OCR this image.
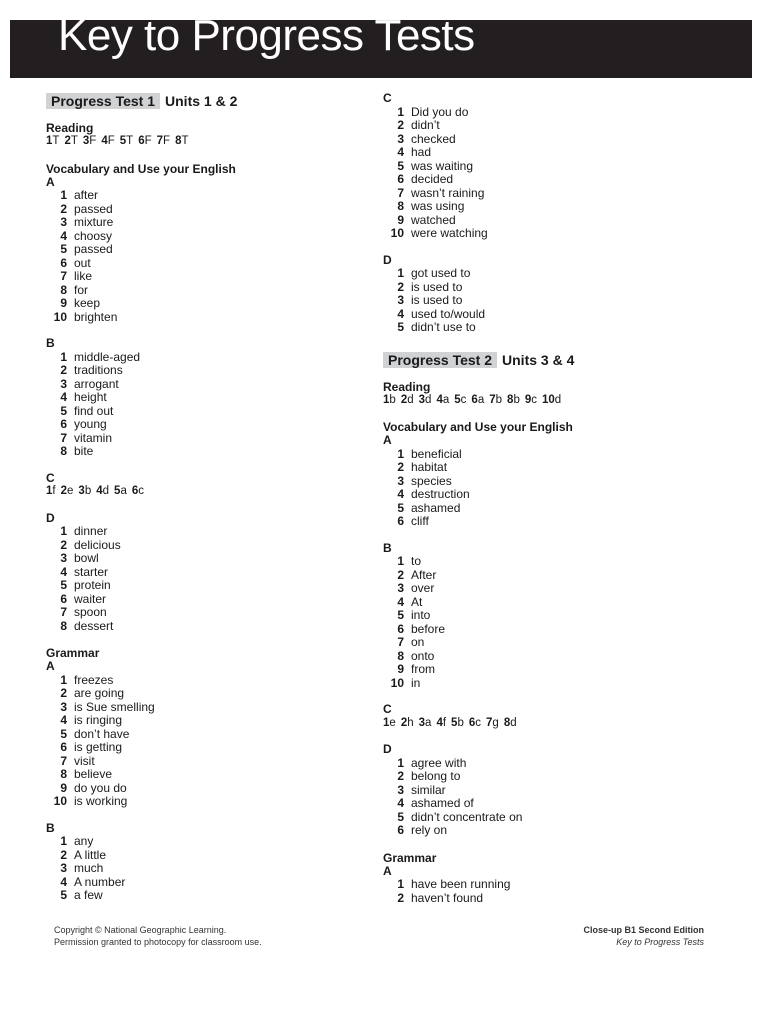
Key to Progress Tests
Progress Test 1 Units 1 & 2
Reading
1T 2T 3F 4F 5T 6F 7F 8T
Vocabulary and Use your English
A
1 after
2 passed
3 mixture
4 choosy
5 passed
6 out
7 like
8 for
9 keep
10 brighten
B
1 middle-aged
2 traditions
3 arrogant
4 height
5 find out
6 young
7 vitamin
8 bite
C
1f 2e 3b 4d 5a 6c
D
1 dinner
2 delicious
3 bowl
4 starter
5 protein
6 waiter
7 spoon
8 dessert
Grammar
A
1 freezes
2 are going
3 is Sue smelling
4 is ringing
5 don’t have
6 is getting
7 visit
8 believe
9 do you do
10 is working
B
1 any
2 A little
3 much
4 A number
5 a few
C
1 Did you do
2 didn’t
3 checked
4 had
5 was waiting
6 decided
7 wasn’t raining
8 was using
9 watched
10 were watching
D
1 got used to
2 is used to
3 is used to
4 used to/would
5 didn’t use to
Progress Test 2 Units 3 & 4
Reading
1b 2d 3d 4a 5c 6a 7b 8b 9c 10d
Vocabulary and Use your English
A
1 beneficial
2 habitat
3 species
4 destruction
5 ashamed
6 cliff
B
1 to
2 After
3 over
4 At
5 into
6 before
7 on
8 onto
9 from
10 in
C
1e 2h 3a 4f 5b 6c 7g 8d
D
1 agree with
2 belong to
3 similar
4 ashamed of
5 didn’t concentrate on
6 rely on
Grammar
A
1 have been running
2 haven’t found
Copyright © National Geographic Learning.
Permission granted to photocopy for classroom use.
Close-up B1 Second Edition
Key to Progress Tests
